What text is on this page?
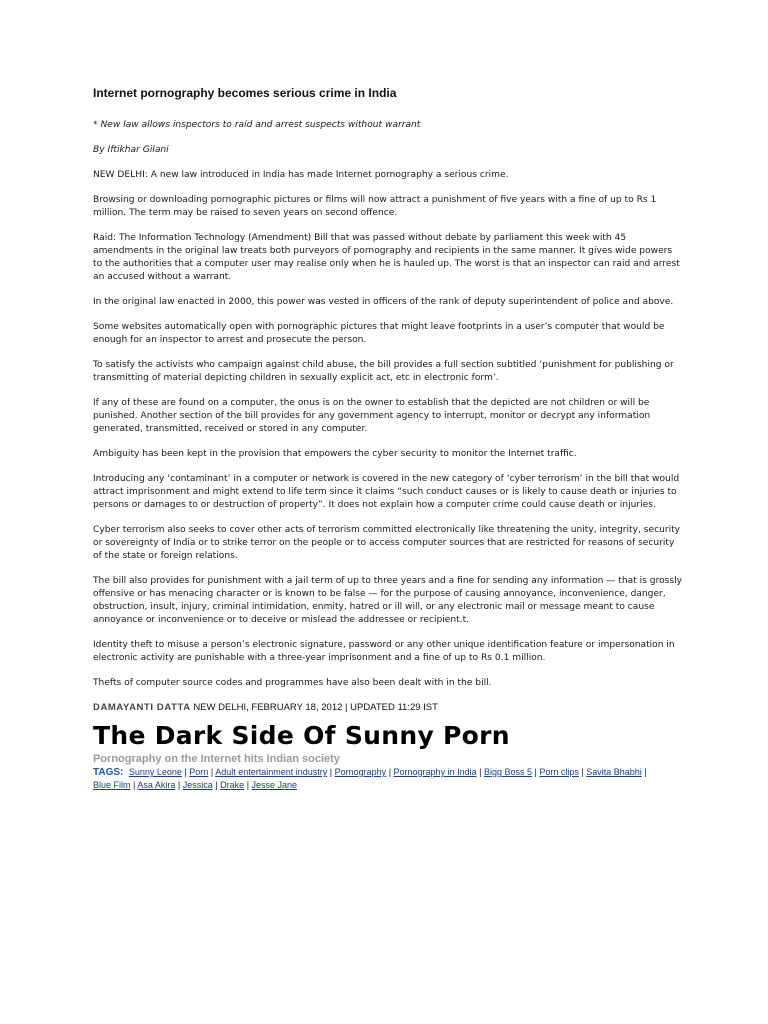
Internet pornography becomes serious crime in India

* New law allows inspectors to raid and arrest suspects without warrant

By Iftikhar Gilani

NEW DELHI: A new law introduced in India has made Internet pornography a serious crime.

Browsing or downloading pornographic pictures or films will now attract a punishment of five years with a fine of up to Rs 1 million. The term may be raised to seven years on second offence.

Raid: The Information Technology (Amendment) Bill that was passed without debate by parliament this week with 45 amendments in the original law treats both purveyors of pornography and recipients in the same manner. It gives wide powers to the authorities that a computer user may realise only when he is hauled up. The worst is that an inspector can raid and arrest an accused without a warrant.

In the original law enacted in 2000, this power was vested in officers of the rank of deputy superintendent of police and above.

Some websites automatically open with pornographic pictures that might leave footprints in a user’s computer that would be enough for an inspector to arrest and prosecute the person.

To satisfy the activists who campaign against child abuse, the bill provides a full section subtitled ‘punishment for publishing or transmitting of material depicting children in sexually explicit act, etc in electronic form’.

If any of these are found on a computer, the onus is on the owner to establish that the depicted are not children or will be punished. Another section of the bill provides for any government agency to interrupt, monitor or decrypt any information generated, transmitted, received or stored in any computer.

Ambiguity has been kept in the provision that empowers the cyber security to monitor the Internet traffic.

Introducing any ‘contaminant’ in a computer or network is covered in the new category of ‘cyber terrorism’ in the bill that would attract imprisonment and might extend to life term since it claims “such conduct causes or is likely to cause death or injuries to persons or damages to or destruction of property”. It does not explain how a computer crime could cause death or injuries.

Cyber terrorism also seeks to cover other acts of terrorism committed electronically like threatening the unity, integrity, security or sovereignty of India or to strike terror on the people or to access computer sources that are restricted for reasons of security of the state or foreign relations.

The bill also provides for punishment with a jail term of up to three years and a fine for sending any information — that is grossly offensive or has menacing character or is known to be false — for the purpose of causing annoyance, inconvenience, danger, obstruction, insult, injury, criminal intimidation, enmity, hatred or ill will, or any electronic mail or message meant to cause annoyance or inconvenience or to deceive or mislead the addressee or recipient.t.

Identity theft to misuse a person’s electronic signature, password or any other unique identification feature or impersonation in electronic activity are punishable with a three-year imprisonment and a fine of up to Rs 0.1 million.

Thefts of computer source codes and programmes have also been dealt with in the bill.

DAMAYANTI DATTA NEW DELHI, FEBRUARY 18, 2012 | UPDATED 11:29 IST
The Dark Side Of Sunny Porn
Pornography on the Internet hits Indian society
TAGS: Sunny Leone | Porn | Adult entertainment industry | Pornography | Pornography in India | Bigg Boss 5 | Porn clips | Savita Bhabhi | Blue Film | Asa Akira | Jessica | Drake | Jesse Jane
